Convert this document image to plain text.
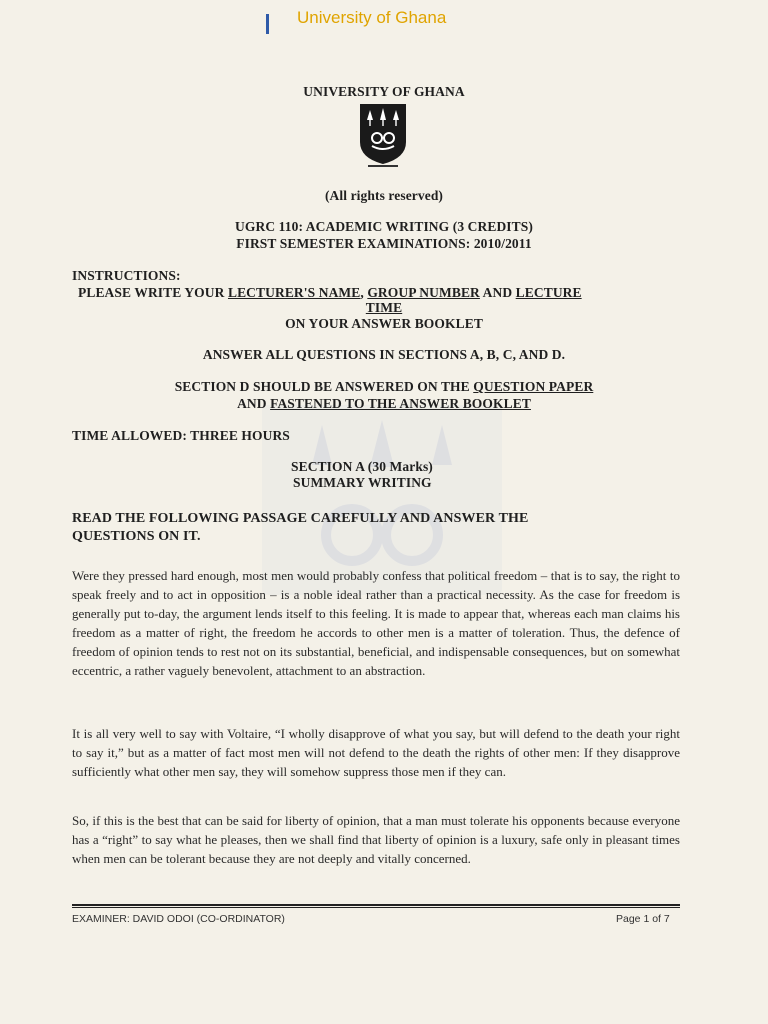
University of Ghana
UNIVERSITY OF GHANA
(All rights reserved)
UGRC 110: ACADEMIC WRITING (3 CREDITS)
FIRST SEMESTER EXAMINATIONS: 2010/2011
INSTRUCTIONS:
PLEASE WRITE YOUR LECTURER'S NAME, GROUP NUMBER AND LECTURE
TIME
ON YOUR ANSWER BOOKLET
ANSWER ALL QUESTIONS IN SECTIONS A, B, C, AND D.
SECTION D SHOULD BE ANSWERED ON THE QUESTION PAPER
AND FASTENED TO THE ANSWER BOOKLET
TIME ALLOWED: THREE HOURS
SECTION A (30 Marks)
SUMMARY WRITING
READ THE FOLLOWING PASSAGE CAREFULLY AND ANSWER THE
QUESTIONS ON IT.
Were they pressed hard enough, most men would probably confess that political freedom – that is to say, the right to speak freely and to act in opposition – is a noble ideal rather than a practical necessity. As the case for freedom is generally put to-day, the argument lends itself to this feeling. It is made to appear that, whereas each man claims his freedom as a matter of right, the freedom he accords to other men is a matter of toleration. Thus, the defence of freedom of opinion tends to rest not on its substantial, beneficial, and indispensable consequences, but on somewhat eccentric, a rather vaguely benevolent, attachment to an abstraction.
It is all very well to say with Voltaire, “I wholly disapprove of what you say, but will defend to the death your right to say it,” but as a matter of fact most men will not defend to the death the rights of other men: If they disapprove sufficiently what other men say, they will somehow suppress those men if they can.
So, if this is the best that can be said for liberty of opinion, that a man must tolerate his opponents because everyone has a “right” to say what he pleases, then we shall find that liberty of opinion is a luxury, safe only in pleasant times when men can be tolerant because they are not deeply and vitally concerned.
EXAMINER: DAVID ODOI (CO-ORDINATOR)	Page 1 of 7
